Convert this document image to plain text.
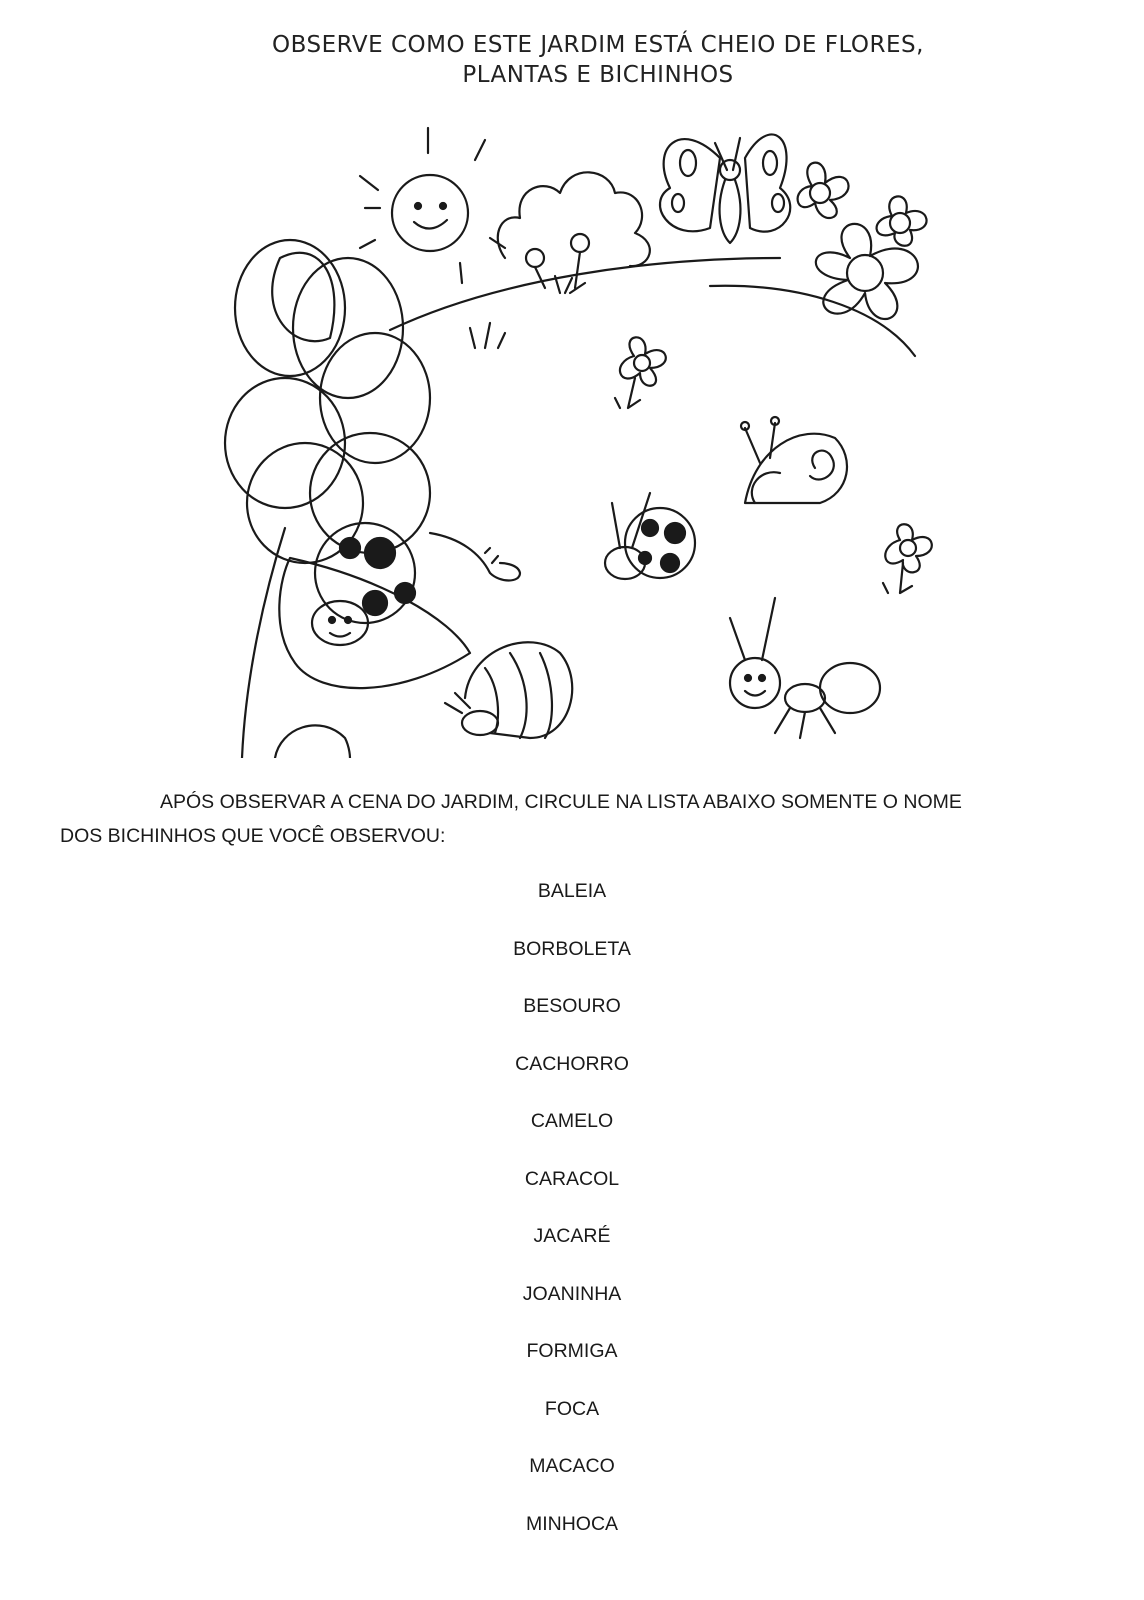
OBSERVE COMO ESTE JARDIM ESTÁ CHEIO DE FLORES,
PLANTAS E BICHINHOS
APÓS OBSERVAR A CENA DO JARDIM, CIRCULE NA LISTA ABAIXO SOMENTE O NOME
DOS BICHINHOS QUE VOCÊ OBSERVOU:
BALEIA
BORBOLETA
BESOURO
CACHORRO
CAMELO
CARACOL
JACARÉ
JOANINHA
FORMIGA
FOCA
MACACO
MINHOCA
